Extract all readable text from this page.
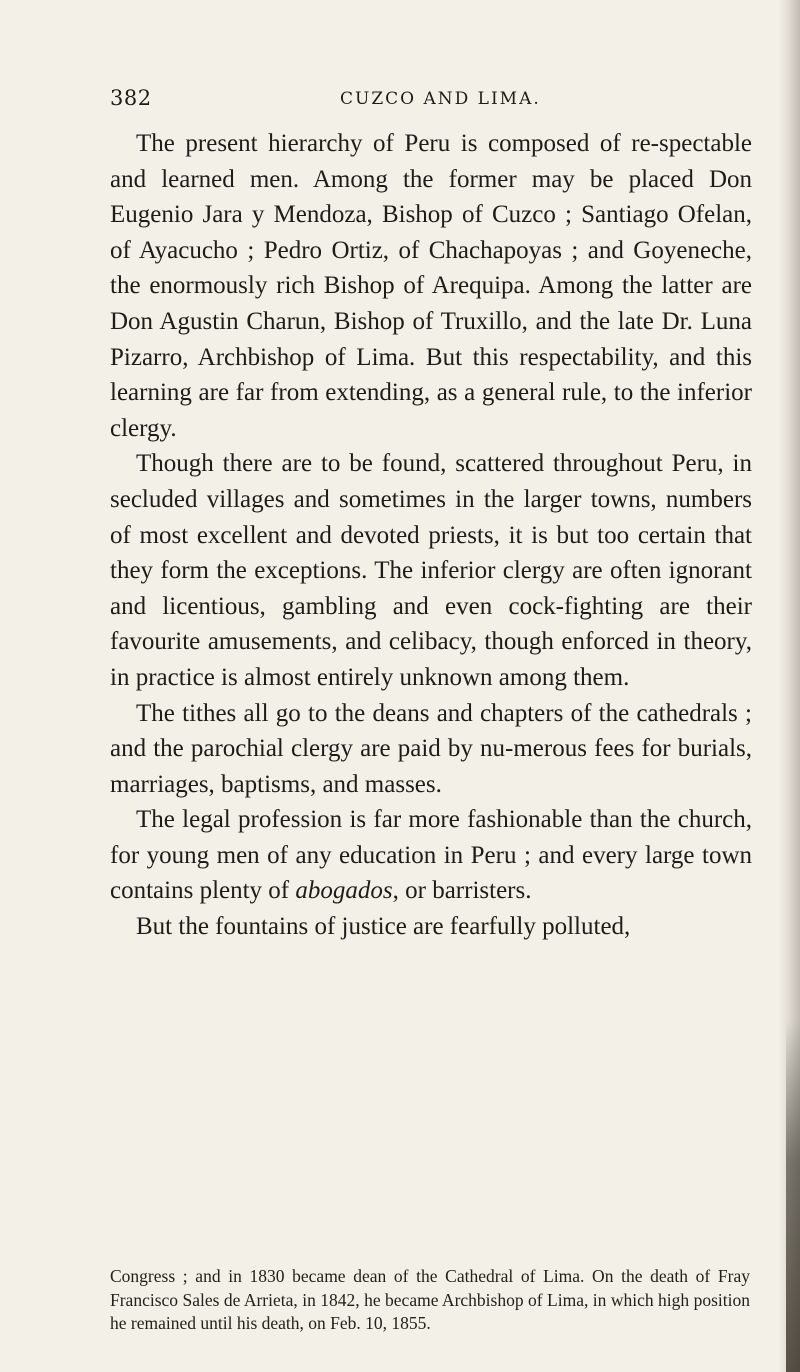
382	CUZCO AND LIMA.

The present hierarchy of Peru is composed of re-spectable and learned men. Among the former may be placed Don Eugenio Jara y Mendoza, Bishop of Cuzco ; Santiago Ofelan, of Ayacucho ; Pedro Ortiz, of Chachapoyas ; and Goyeneche, the enormously rich Bishop of Arequipa. Among the latter are Don Agustin Charun, Bishop of Truxillo, and the late Dr. Luna Pizarro, Archbishop of Lima. But this respectability, and this learning are far from extending, as a general rule, to the inferior clergy.

Though there are to be found, scattered throughout Peru, in secluded villages and sometimes in the larger towns, numbers of most excellent and devoted priests, it is but too certain that they form the exceptions. The inferior clergy are often ignorant and licentious, gambling and even cock-fighting are their favourite amusements, and celibacy, though enforced in theory, in practice is almost entirely unknown among them.

The tithes all go to the deans and chapters of the cathedrals ; and the parochial clergy are paid by nu-merous fees for burials, marriages, baptisms, and masses.

The legal profession is far more fashionable than the church, for young men of any education in Peru ; and every large town contains plenty of abogados, or barristers.

But the fountains of justice are fearfully polluted,

Congress ; and in 1830 became dean of the Cathedral of Lima. On the death of Fray Francisco Sales de Arrieta, in 1842, he became Archbishop of Lima, in which high position he remained until his death, on Feb. 10, 1855.
